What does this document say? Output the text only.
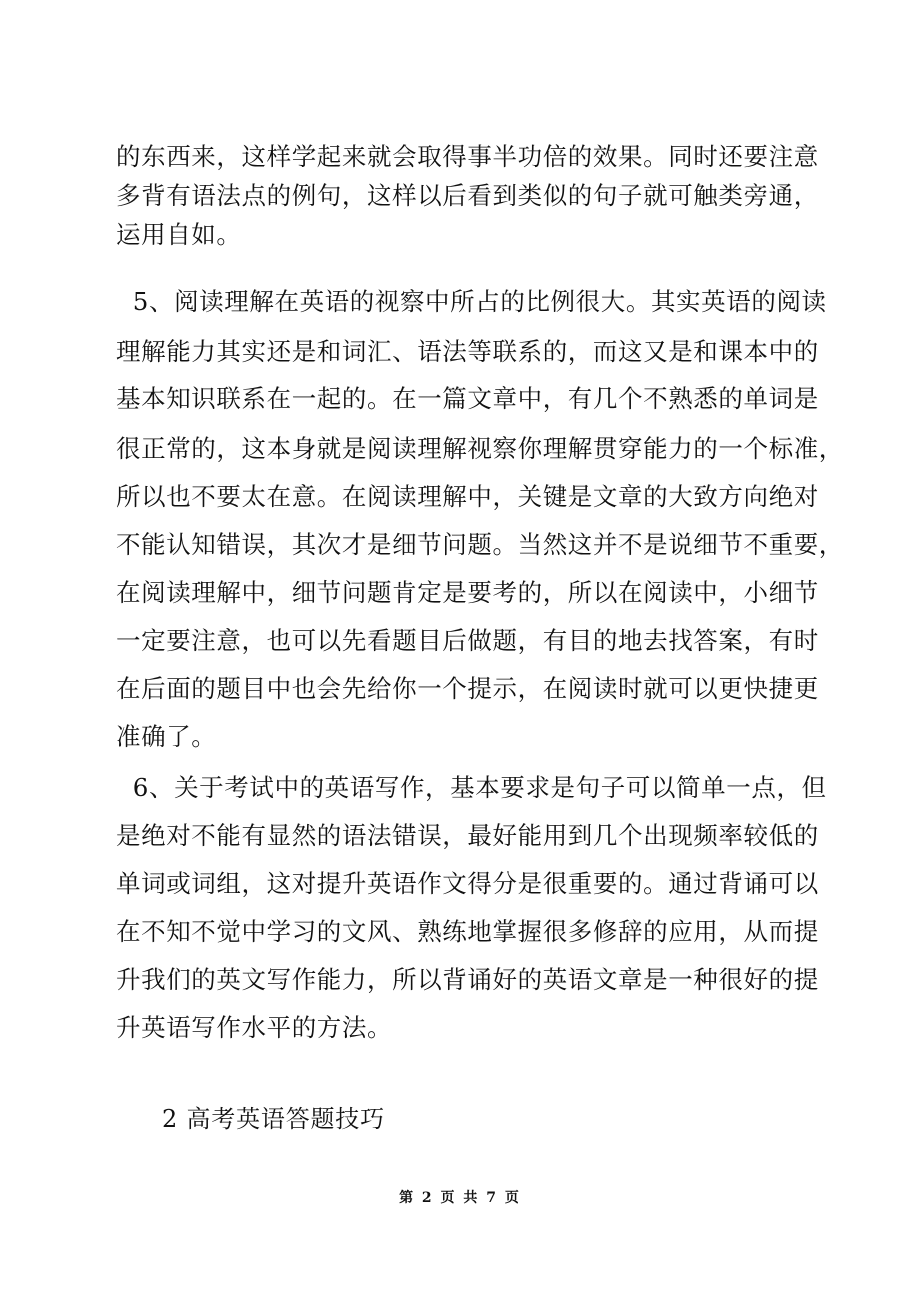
的东西来，这样学起来就会取得事半功倍的效果。同时还要注意
多背有语法点的例句，这样以后看到类似的句子就可触类旁通，
运用自如。
5、阅读理解在英语的视察中所占的比例很大。其实英语的阅读
理解能力其实还是和词汇、语法等联系的，而这又是和课本中的
基本知识联系在一起的。在一篇文章中，有几个不熟悉的单词是
很正常的，这本身就是阅读理解视察你理解贯穿能力的一个标准，
所以也不要太在意。在阅读理解中，关键是文章的大致方向绝对
不能认知错误，其次才是细节问题。当然这并不是说细节不重要，
在阅读理解中，细节问题肯定是要考的，所以在阅读中，小细节
一定要注意，也可以先看题目后做题，有目的地去找答案，有时
在后面的题目中也会先给你一个提示，在阅读时就可以更快捷更
准确了。
6、关于考试中的英语写作，基本要求是句子可以简单一点，但
是绝对不能有显然的语法错误，最好能用到几个出现频率较低的
单词或词组，这对提升英语作文得分是很重要的。通过背诵可以
在不知不觉中学习的文风、熟练地掌握很多修辞的应用，从而提
升我们的英文写作能力，所以背诵好的英语文章是一种很好的提
升英语写作水平的方法。
2 高考英语答题技巧
第 2 页 共 7 页
